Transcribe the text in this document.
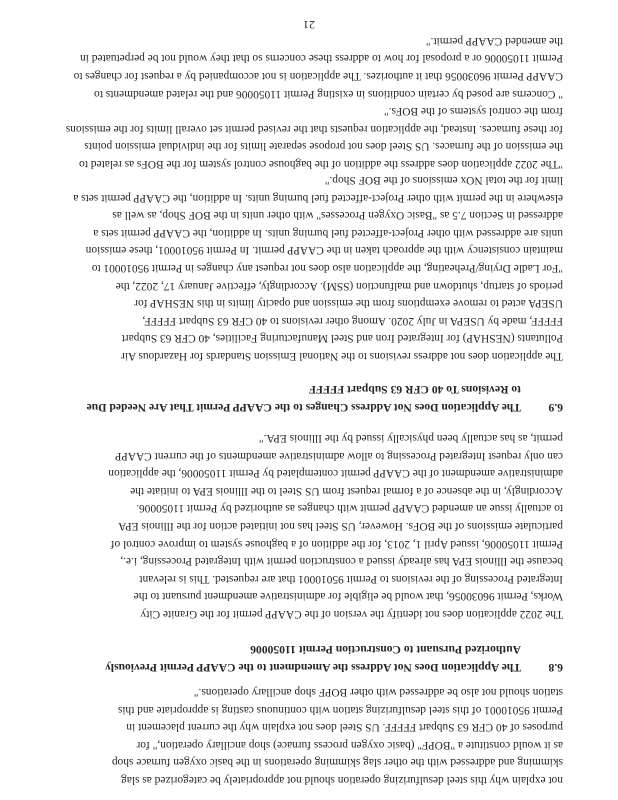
not explain why this steel desulfurizing operation should not appropriately be categorized as slag
skimming and addressed with the other slag skimming operations in the basic oxygen furnace shop
as it would constitute a "BOPF" (basic oxygen process furnace) shop ancillary operation," for
purposes of 40 CFR 63 Subpart FFFFF. US Steel does not explain why the current placement in
Permit 95010001 of this steel desulfurizing station with continuous casting is appropriate and this
station should not also be addressed with other BOPF shop ancillary operations."

6.8The Application Does Not Address the Amendment to the CAAPP Permit Previously
Authorized Pursuant to Construction Permit 11050006

The 2022 application does not identify the version of the CAAPP permit for the Granite City
Works, Permit 96030056, that would be eligible for administrative amendment pursuant to the
Integrated Processing of the revisions to Permit 95010001 that are requested. This is relevant
because the Illinois EPA has already issued a construction permit with Integrated Processing, i.e.,
Permit 11050006, issued April 1, 2013, for the addition of a baghouse system to improve control of
particulate emissions of the BOFs. However, US Steel has not initiated action for the Illinois EPA
to actually issue an amended CAAPP permit with changes as authorized by Permit 11050006.
Accordingly, in the absence of a formal request from US Steel to the Illinois EPA to initiate the
administrative amendment of the CAAPP permit contemplated by Permit 11050006, the application
can only request Integrated Processing to allow administrative amendments of the current CAAPP
permit, as has actually been physically issued by the Illinois EPA."

6.9The Application Does Not Address Changes to the CAAPP Permit That Are Needed Due
to Revisions To 40 CFR 63 Subpart FFFFF

The application does not address revisions to the National Emission Standards for Hazardous Air
Pollutants (NESHAP) for Integrated Iron and Steel Manufacturing Facilities, 40 CFR 63 Subpart
FFFFF, made by USEPA in July 2020. Among other revisions to 40 CFR 63 Subpart FFFFF,
USEPA acted to remove exemptions from the emission and opacity limits in this NESHAP for
periods of startup, shutdown and malfunction (SSM). Accordingly, effective January 17, 2022, the

"For Ladle Drying/Preheating, the application also does not request any changes in Permit 95010001 to
maintain consistency with the approach taken in the CAAPP permit. In Permit 95010001, these emission
units are addressed with other Project-affected fuel burning units. In addition, the CAAPP permit sets a
addressed in Section 7.5 as "Basic Oxygen Processes" with other units in the BOF Shop, as well as
elsewhere in the permit with other Project-affected fuel burning units. In addition, the CAAPP permit sets a
limit for the total NOx emissions of the BOF Shop."

"The 2022 application does address the addition of the baghouse control system for the BOFs as related to
the emission of the furnaces. US Steel does not propose separate limits for the individual emission points
for these furnaces. Instead, the application requests that the revised permit set overall limits for the emissions
from the control systems of the BOFs."
" Concerns are posed by certain conditions in existing Permit 11050006 and the related amendments to
CAAPP Permit 96030056 that it authorizes. The application is not accompanied by a request for changes to
Permit 11050006 or a proposal for how to address these concerns so that they would not be perpetuated in
the amended CAAPP permit."

21
